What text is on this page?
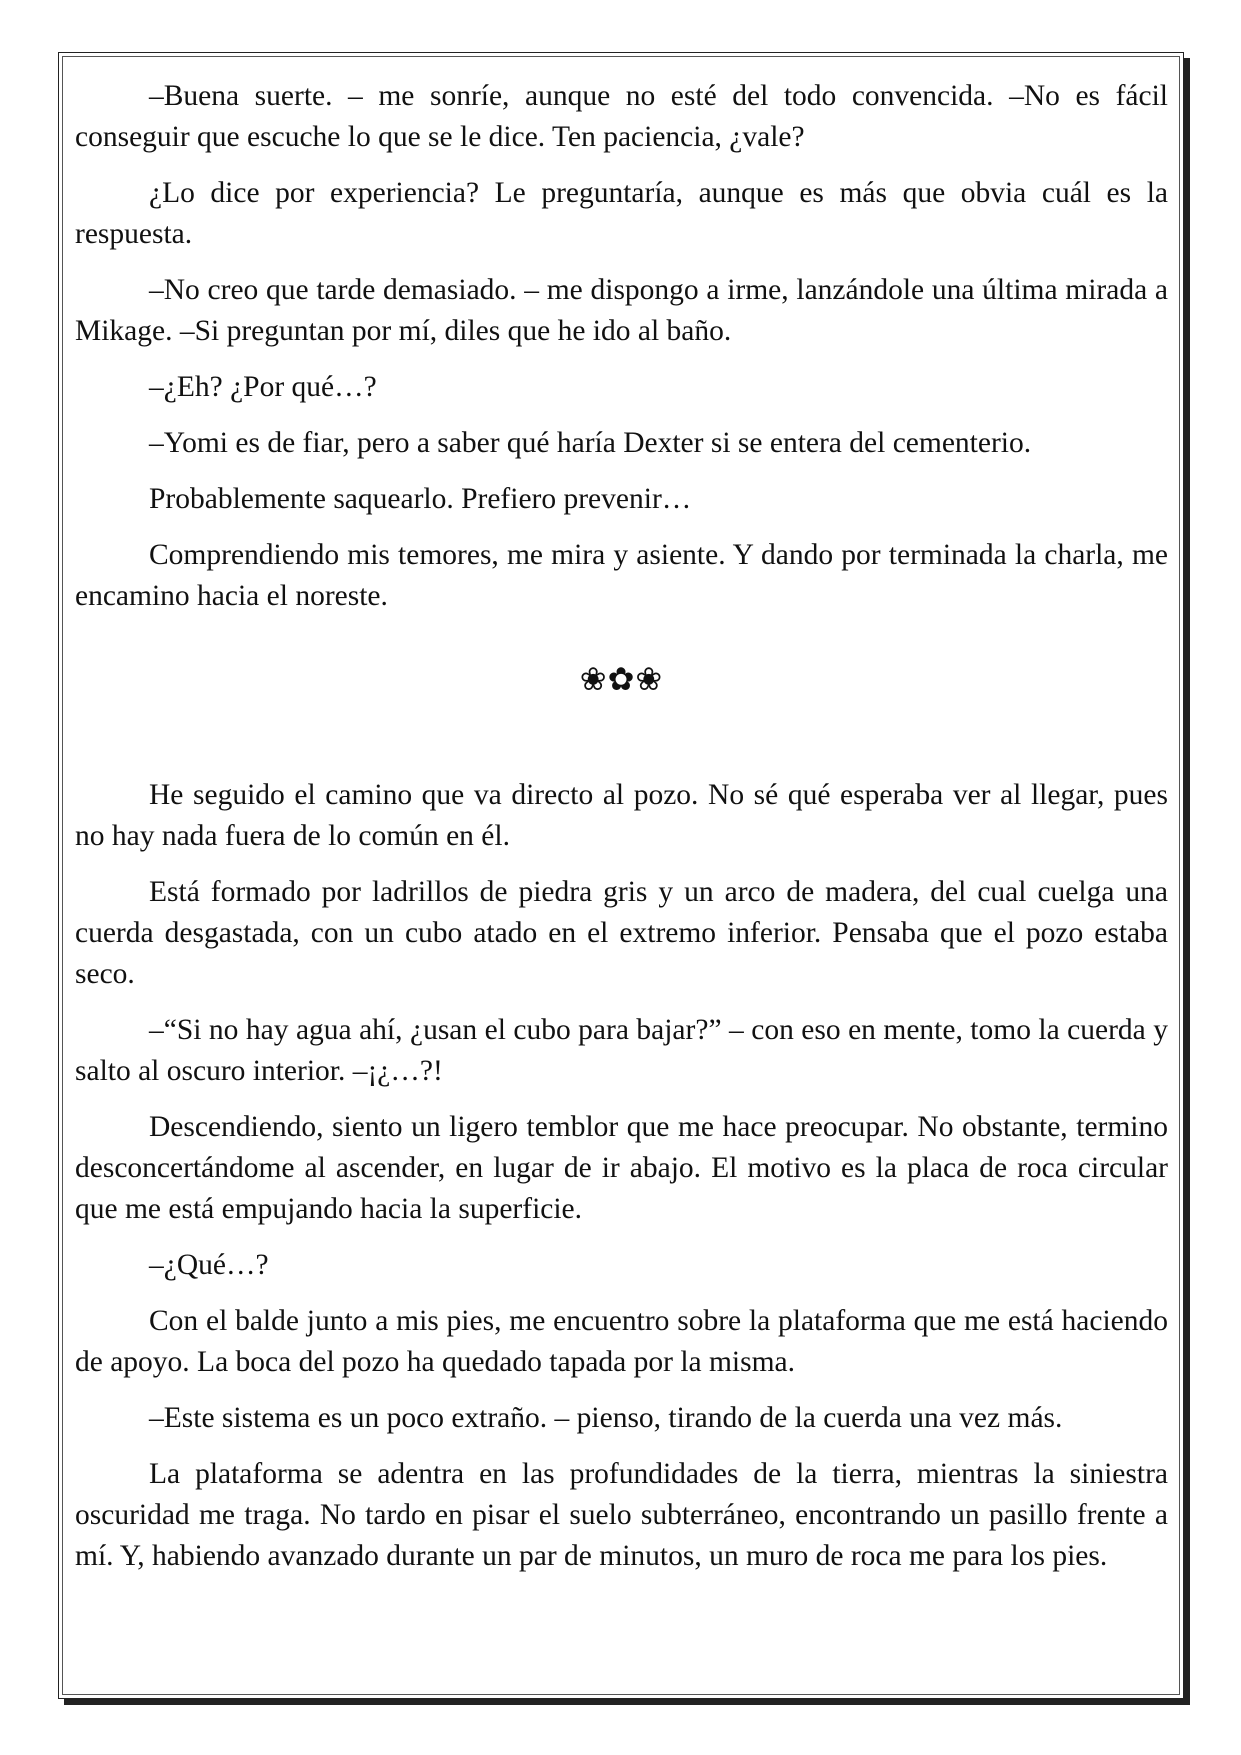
–Buena suerte. – me sonríe, aunque no esté del todo convencida. –No es fácil conseguir que escuche lo que se le dice. Ten paciencia, ¿vale?

¿Lo dice por experiencia? Le preguntaría, aunque es más que obvia cuál es la respuesta.

–No creo que tarde demasiado. – me dispongo a irme, lanzándole una última mirada a Mikage. –Si preguntan por mí, diles que he ido al baño.

–¿Eh? ¿Por qué…?

–Yomi es de fiar, pero a saber qué haría Dexter si se entera del cementerio.

Probablemente saquearlo. Prefiero prevenir…

Comprendiendo mis temores, me mira y asiente. Y dando por terminada la charla, me encamino hacia el noreste.

❀✿❀

He seguido el camino que va directo al pozo. No sé qué esperaba ver al llegar, pues no hay nada fuera de lo común en él.

Está formado por ladrillos de piedra gris y un arco de madera, del cual cuelga una cuerda desgastada, con un cubo atado en el extremo inferior. Pensaba que el pozo estaba seco.

–“Si no hay agua ahí, ¿usan el cubo para bajar?” – con eso en mente, tomo la cuerda y salto al oscuro interior. –¡¿…?!

Descendiendo, siento un ligero temblor que me hace preocupar. No obstante, termino desconcertándome al ascender, en lugar de ir abajo. El motivo es la placa de roca circular que me está empujando hacia la superficie.

–¿Qué…?

Con el balde junto a mis pies, me encuentro sobre la plataforma que me está haciendo de apoyo. La boca del pozo ha quedado tapada por la misma.

–Este sistema es un poco extraño. – pienso, tirando de la cuerda una vez más.

La plataforma se adentra en las profundidades de la tierra, mientras la siniestra oscuridad me traga. No tardo en pisar el suelo subterráneo, encontrando un pasillo frente a mí. Y, habiendo avanzado durante un par de minutos, un muro de roca me para los pies.
